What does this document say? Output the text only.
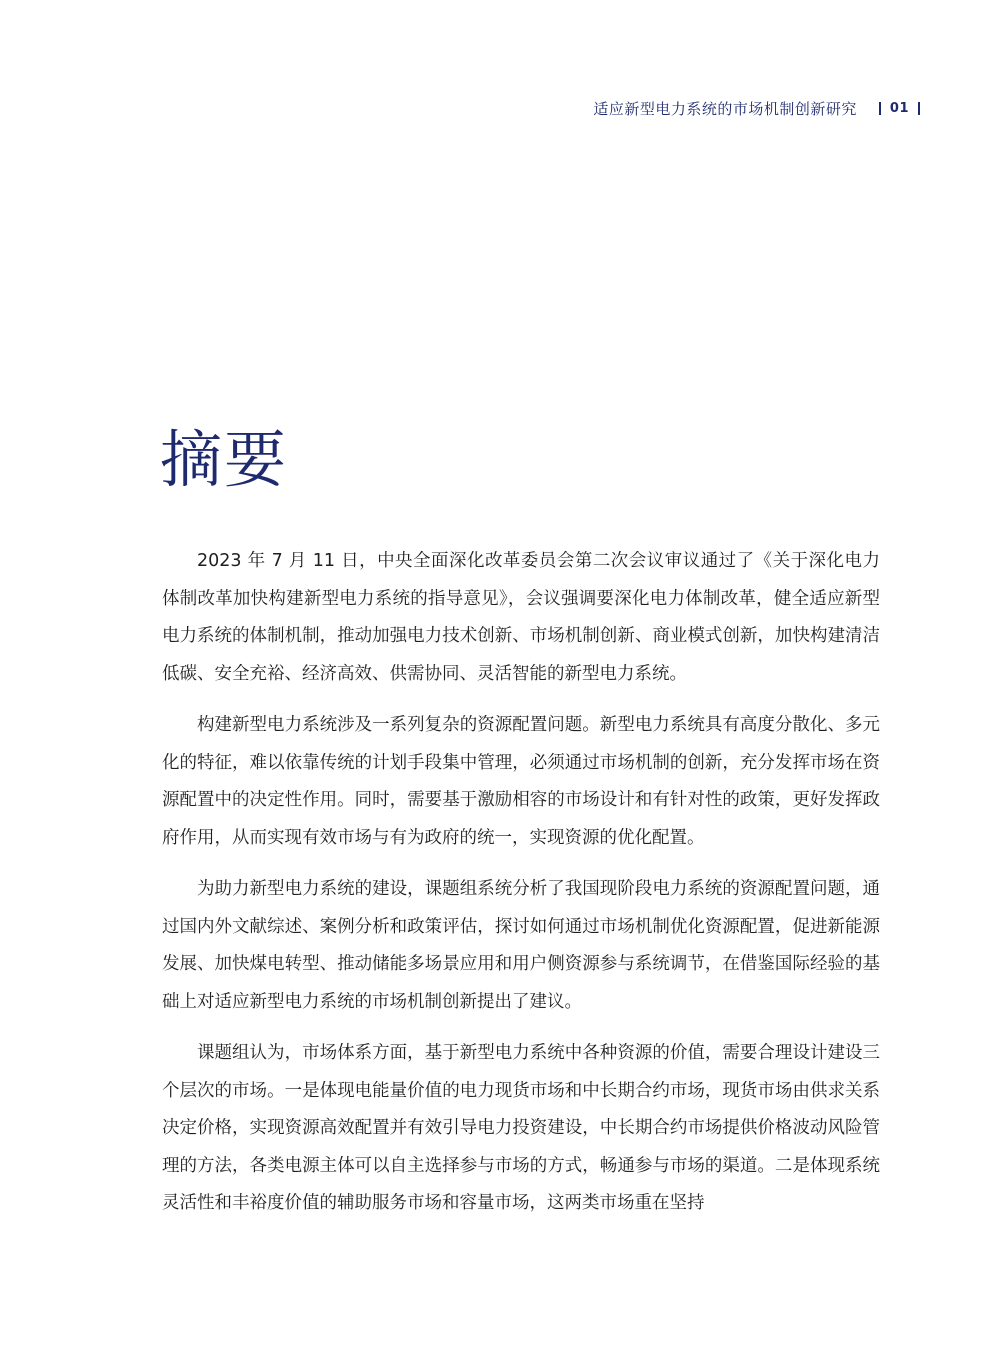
适应新型电力系统的市场机制创新研究	01
摘要

2023 年 7 月 11 日，中央全面深化改革委员会第二次会议审议通过了《关于深化电力体制改革加快构建新型电力系统的指导意见》，会议强调要深化电力体制改革，健全适应新型电力系统的体制机制，推动加强电力技术创新、市场机制创新、商业模式创新，加快构建清洁低碳、安全充裕、经济高效、供需协同、灵活智能的新型电力系统。

构建新型电力系统涉及一系列复杂的资源配置问题。新型电力系统具有高度分散化、多元化的特征，难以依靠传统的计划手段集中管理，必须通过市场机制的创新，充分发挥市场在资源配置中的决定性作用。同时，需要基于激励相容的市场设计和有针对性的政策，更好发挥政府作用，从而实现有效市场与有为政府的统一，实现资源的优化配置。

为助力新型电力系统的建设，课题组系统分析了我国现阶段电力系统的资源配置问题，通过国内外文献综述、案例分析和政策评估，探讨如何通过市场机制优化资源配置，促进新能源发展、加快煤电转型、推动储能多场景应用和用户侧资源参与系统调节，在借鉴国际经验的基础上对适应新型电力系统的市场机制创新提出了建议。

课题组认为，市场体系方面，基于新型电力系统中各种资源的价值，需要合理设计建设三个层次的市场。一是体现电能量价值的电力现货市场和中长期合约市场，现货市场由供求关系决定价格，实现资源高效配置并有效引导电力投资建设，中长期合约市场提供价格波动风险管理的方法，各类电源主体可以自主选择参与市场的方式，畅通参与市场的渠道。二是体现系统灵活性和丰裕度价值的辅助服务市场和容量市场，这两类市场重在坚持
